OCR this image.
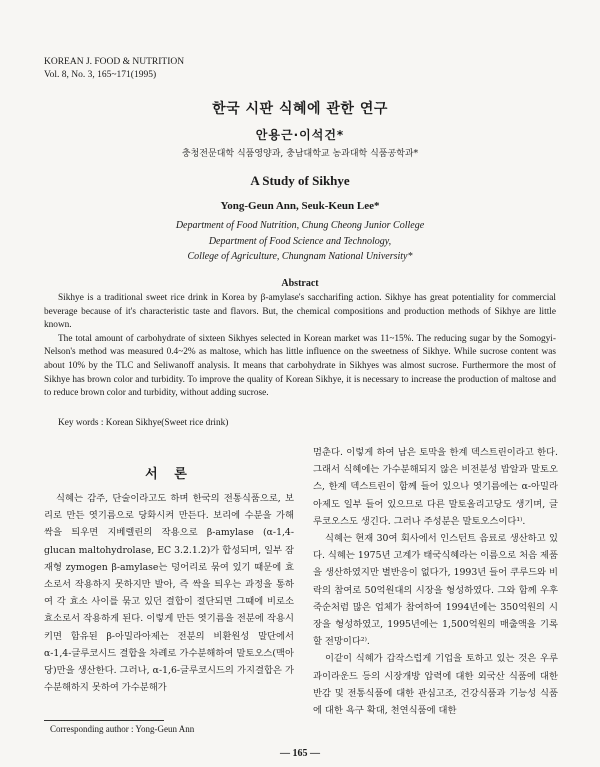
KOREAN J. FOOD & NUTRITION
Vol. 8, No. 3, 165~171(1995)
한국 시판 식혜에 관한 연구
안용근·이석건*
충청전문대학 식품영양과, 충남대학교 농과대학 식품공학과*
A Study of Sikhye
Yong-Geun Ann, Seuk-Keun Lee*
Department of Food Nutrition, Chung Cheong Junior College
Department of Food Science and Technology,
College of Agriculture, Chungnam National University*
Abstract

Sikhye is a traditional sweet rice drink in Korea by β-amylase's saccharifing action. Sikhye has great potentiality for commercial beverage because of it's characteristic taste and flavors. But, the chemical compositions and production methods of Sikhye are little known.

The total amount of carbohydrate of sixteen Sikhyes selected in Korean market was 11~15%. The reducing sugar by the Somogyi-Nelson's method was measured 0.4~2% as maltose, which has little influence on the sweetness of Sikhye. While sucrose content was about 10% by the TLC and Seliwanoff analysis. It means that carbohydrate in Sikhyes was almost sucrose. Furthermore the most of Sikhye has brown color and turbidity. To improve the quality of Korean Sikhye, it is necessary to increase the production of maltose and to reduce brown color and turbidity, without adding sucrose.

Key words : Korean Sikhye(Sweet rice drink)
서 론

식혜는 감주, 단술이라고도 하며 한국의 전통식품으로, 보리로 만든 엿기름으로 당화시켜 만든다. 보리에 수분을 가해 싹을 틔우면 지베렐린의 작용으로 β-amylase (α-1,4-glucan maltohydrolase, EC 3.2.1.2)가 합성되며, 일부 잠재형 zymogen β-amylase는 덩어리로 묶여 있기 때문에 효소로서 작용하지 못하지만 발아, 즉 싹을 틔우는 과정을 통하여 각 효소 사이를 묶고 있던 결합이 절단되면 그때에 비로소 효소로서 작용하게 된다. 이렇게 만든 엿기름을 전분에 작용시키면 함유된 β-아밀라아제는 전분의 비환원성 말단에서 α-1,4-글루코시드 결합을 차례로 가수분해하여 말토오스(맥아당)만을 생산한다. 그러나, α-1,6-글루코시드의 가지결합은 가수분해하지 못하여 가수분해가

멈춘다. 이렇게 하여 남은 토막을 한계 덱스트린이라고 한다. 그래서 식혜에는 가수분해되지 않은 비전분성 밥알과 말토오스, 한계 덱스트린이 함께 들어 있으나 엿기름에는 α-아밀라아제도 일부 들어 있으므로 다른 말토올리고당도 생기며, 글루코오스도 생긴다. 그러나 주성분은 말토오스이다¹⁾.

식혜는 현재 30여 회사에서 인스턴트 음료로 생산하고 있다. 식혜는 1975년 고계가 태국식혜라는 이름으로 처음 제품을 생산하였지만 별반응이 없다가, 1993년 들어 쿠루드와 비락의 참여로 50억원대의 시장을 형성하였다. 그와 함께 우후죽순처럼 많은 업체가 참여하여 1994년에는 350억원의 시장을 형성하였고, 1995년에는 1,500억원의 매출액을 기록할 전망이다²⁾.

이같이 식혜가 갑작스럽게 기업을 토하고 있는 것은 우루과이라운드 등의 시장개방 압력에 대한 외국산 식품에 대한 반감 및 전통식품에 대한 관심고조, 건강식품과 기능성 식품에 대한 욕구 확대, 천연식품에 대한

Corresponding author : Yong-Geun Ann
— 165 —
